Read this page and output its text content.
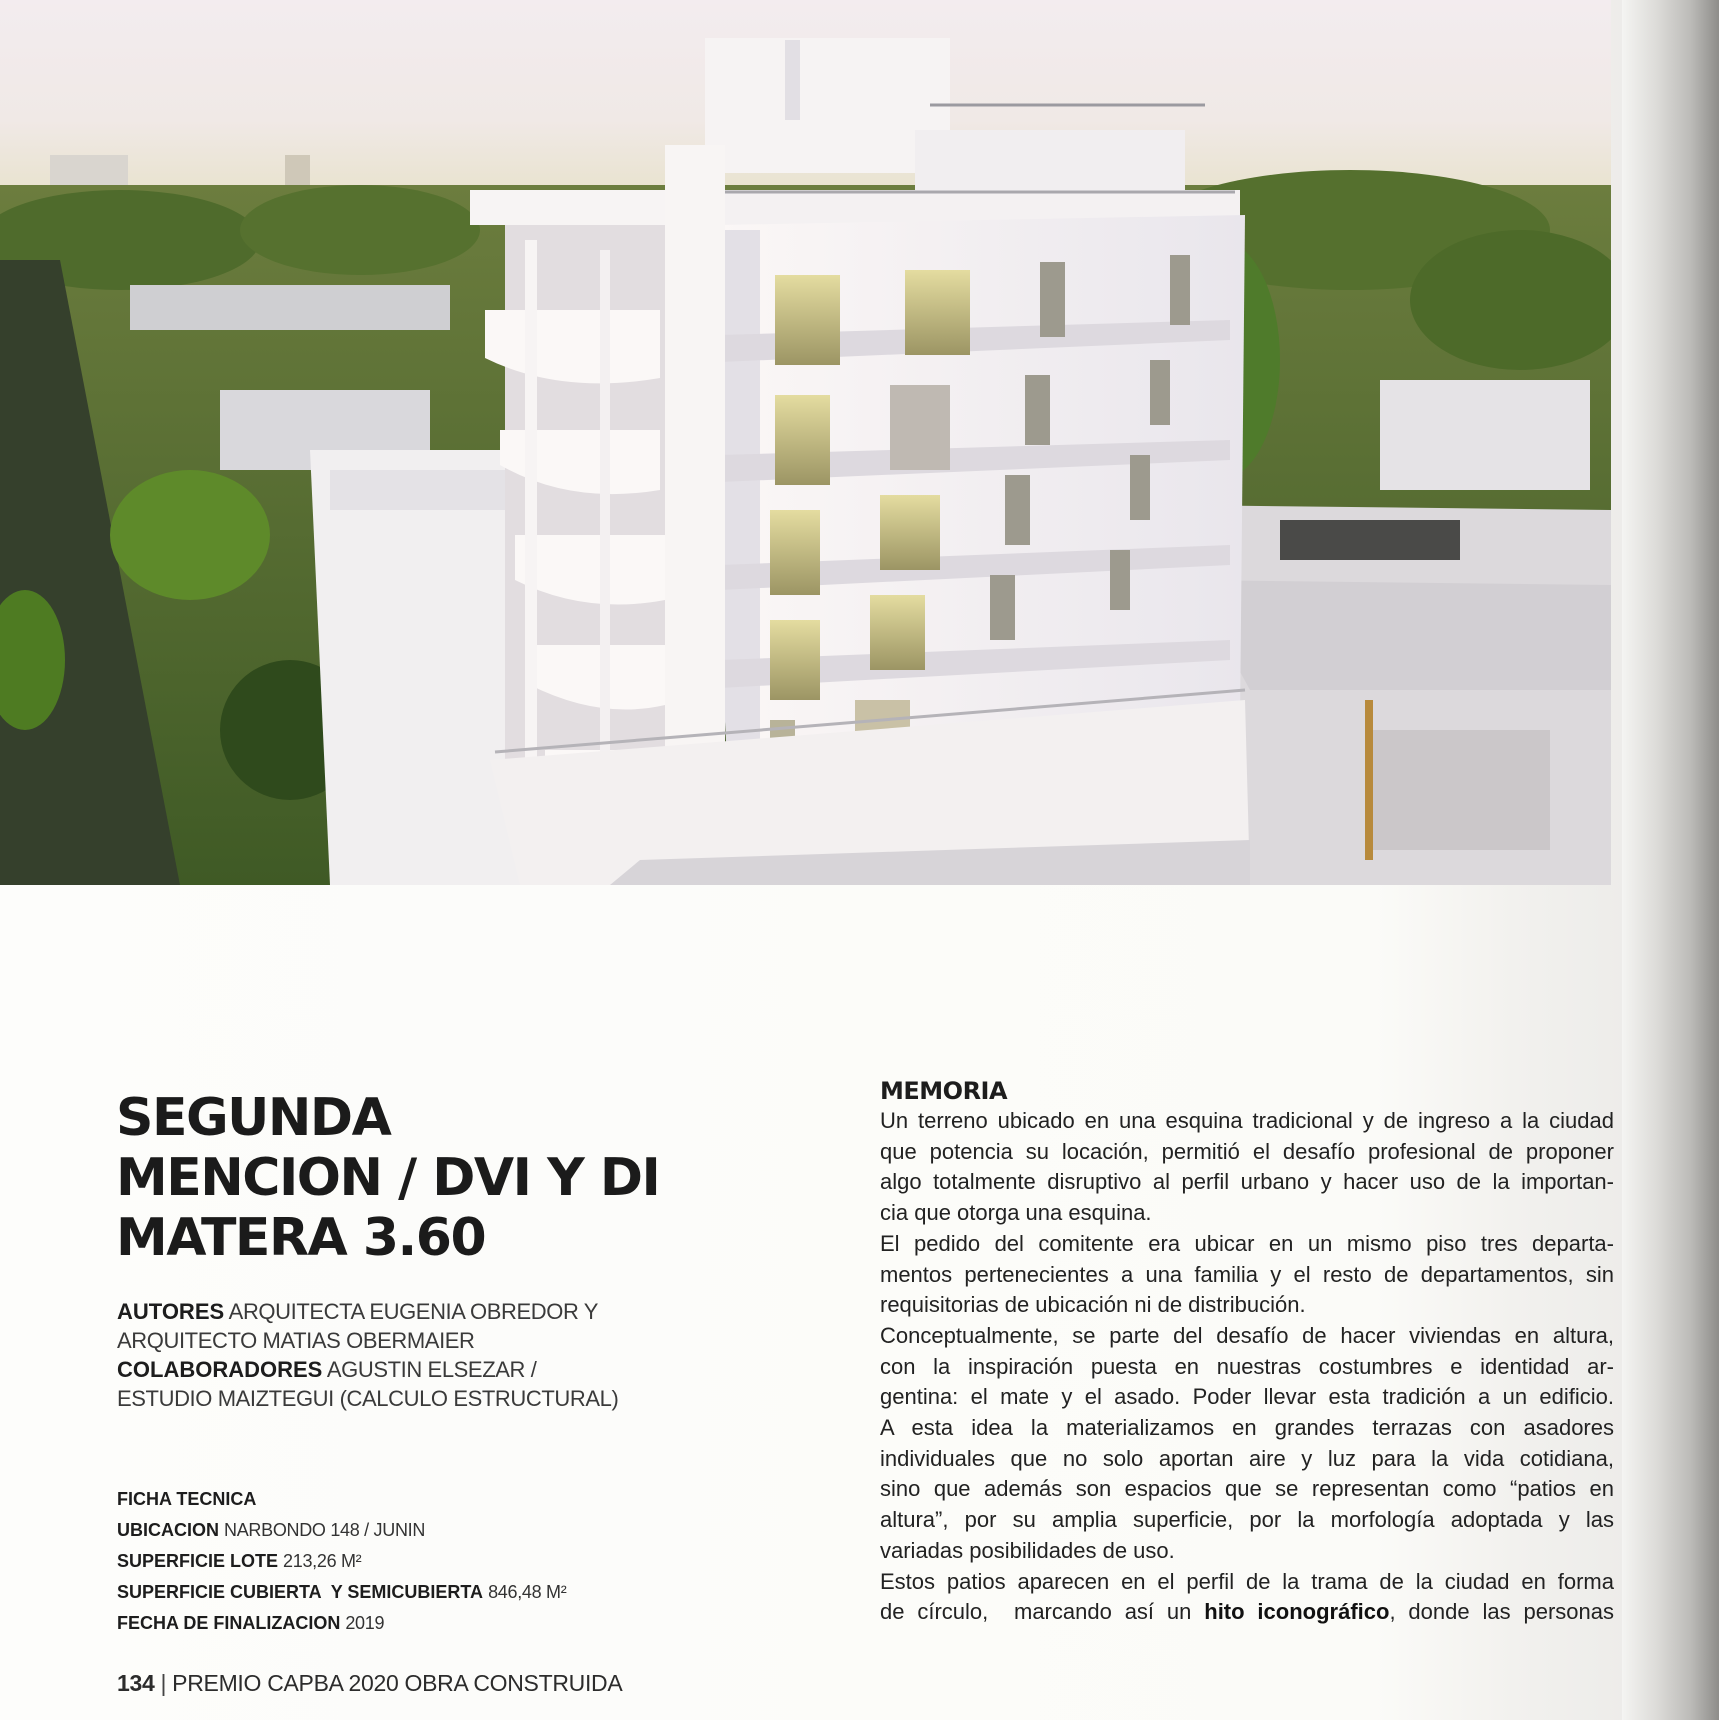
SEGUNDA
MENCION / DVI Y DI
MATERA 3.60
AUTORES ARQUITECTA EUGENIA OBREDOR Y
ARQUITECTO MATIAS OBERMAIER
COLABORADORES AGUSTIN ELSEZAR /
ESTUDIO MAIZTEGUI (CALCULO ESTRUCTURAL)
FICHA TECNICA
UBICACION NARBONDO 148 / JUNIN
SUPERFICIE LOTE 213,26 M²
SUPERFICIE CUBIERTA  Y SEMICUBIERTA 846,48 M²
FECHA DE FINALIZACION 2019
134 | PREMIO CAPBA 2020 OBRA CONSTRUIDA
MEMORIA
Un terreno ubicado en una esquina tradicional y de ingreso a la ciudad
que potencia su locación, permitió el desafío profesional de proponer
algo totalmente disruptivo al perfil urbano y hacer uso de la importan-
cia que otorga una esquina.
El pedido del comitente era ubicar en un mismo piso tres departa-
mentos pertenecientes a una familia y el resto de departamentos, sin
requisitorias de ubicación ni de distribución.
Conceptualmente, se parte del desafío de hacer viviendas en altura,
con la inspiración puesta en nuestras costumbres e identidad ar-
gentina: el mate y el asado. Poder llevar esta tradición a un edificio.
A esta idea la materializamos en grandes terrazas con asadores
individuales que no solo aportan aire y luz para la vida cotidiana,
sino que además son espacios que se representan como “patios en
altura”, por su amplia superficie, por la morfología adoptada y las
variadas posibilidades de uso.
Estos patios aparecen en el perfil de la trama de la ciudad en forma
de círculo,  marcando así un hito iconográfico, donde las personas
